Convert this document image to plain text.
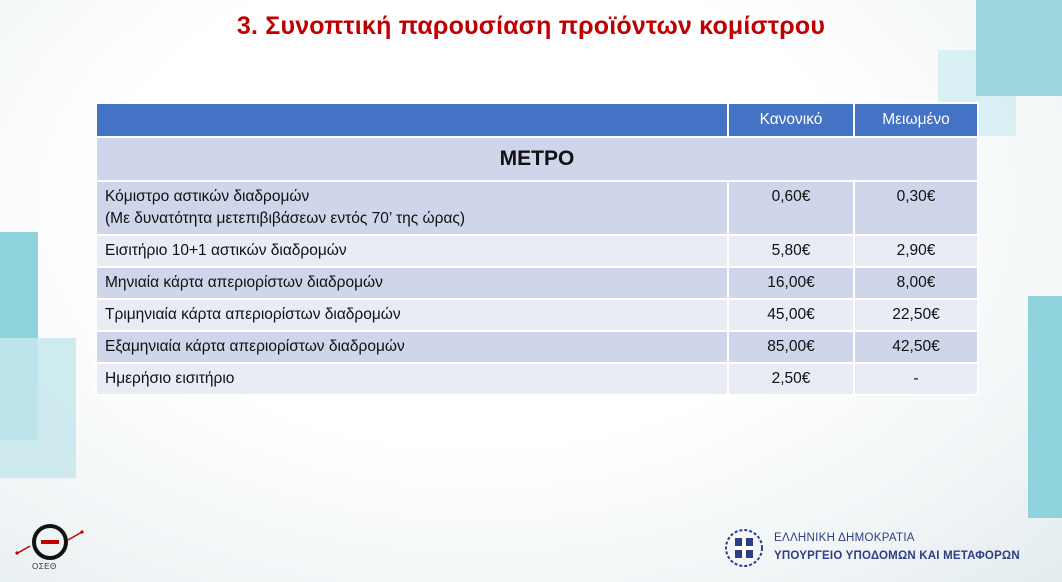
3. Συνοπτική παρουσίαση προϊόντων κομίστρου
	Κανονικό	Μειωμένο
ΜΕΤΡΟ		
Κόμιστρο αστικών διαδρομών
(Με δυνατότητα μετεπιβιβάσεων εντός 70’ της ώρας)	0,60€	0,30€
Εισιτήριο 10+1 αστικών διαδρομών	5,80€	2,90€
Μηνιαία κάρτα απεριορίστων διαδρομών	16,00€	8,00€
Τριμηνιαία κάρτα απεριορίστων διαδρομών	45,00€	22,50€
Εξαμηνιαία κάρτα απεριορίστων διαδρομών	85,00€	42,50€
Ημερήσιο εισιτήριο	2,50€	-
ΟΣΕΘ
ΕΛΛΗΝΙΚΗ ΔΗΜΟΚΡΑΤΙΑ
ΥΠΟΥΡΓΕΙΟ ΥΠΟΔΟΜΩΝ ΚΑΙ ΜΕΤΑΦΟΡΩΝ
